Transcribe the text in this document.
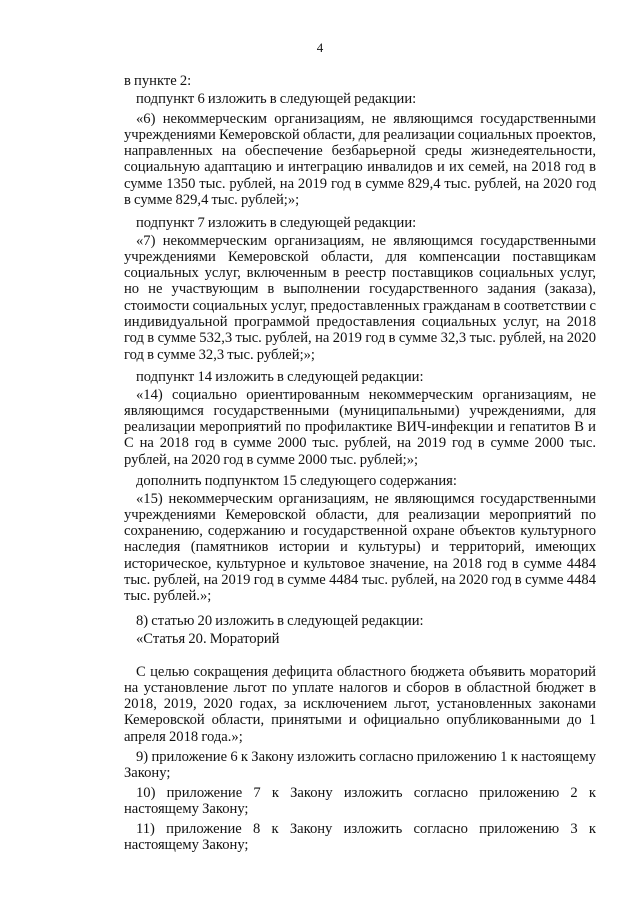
4

в пункте 2:

подпункт 6 изложить в следующей редакции:

«6) некоммерческим организациям, не являющимся государственными учреждениями Кемеровской области, для реализации социальных проектов, направленных на обеспечение безбарьерной среды жизнедеятельности, социальную адаптацию и интеграцию инвалидов и их семей, на 2018 год в сумме 1350 тыс. рублей, на 2019 год в сумме 829,4 тыс. рублей, на 2020 год в сумме 829,4 тыс. рублей;»;

подпункт 7 изложить в следующей редакции:

«7) некоммерческим организациям, не являющимся государственными учреждениями Кемеровской области, для компенсации поставщикам социальных услуг, включенным в реестр поставщиков социальных услуг, но не участвующим в выполнении государственного задания (заказа), стоимости социальных услуг, предоставленных гражданам в соответствии с индивидуальной программой предоставления социальных услуг, на 2018 год в сумме 532,3 тыс. рублей, на 2019 год в сумме 32,3 тыс. рублей, на 2020 год в сумме 32,3 тыс. рублей;»;

подпункт 14 изложить в следующей редакции:

«14) социально ориентированным некоммерческим организациям, не являющимся государственными (муниципальными) учреждениями, для реализации мероприятий по профилактике ВИЧ-инфекции и гепатитов В и С на 2018 год в сумме 2000 тыс. рублей, на 2019 год в сумме 2000 тыс. рублей, на 2020 год в сумме 2000 тыс. рублей;»;

дополнить подпунктом 15 следующего содержания:

«15) некоммерческим организациям, не являющимся государственными учреждениями Кемеровской области, для реализации мероприятий по сохранению, содержанию и государственной охране объектов культурного наследия (памятников истории и культуры) и территорий, имеющих историческое, культурное и культовое значение, на 2018 год в сумме 4484 тыс. рублей, на 2019 год в сумме 4484 тыс. рублей, на 2020 год в сумме 4484 тыс. рублей.»;

8) статью 20 изложить в следующей редакции:

«Статья 20. Мораторий

С целью сокращения дефицита областного бюджета объявить мораторий на установление льгот по уплате налогов и сборов в областной бюджет в 2018, 2019, 2020 годах, за исключением льгот, установленных законами Кемеровской области, принятыми и официально опубликованными до 1 апреля 2018 года.»;

9) приложение 6 к Закону изложить согласно приложению 1 к настоящему Закону;

10) приложение 7 к Закону изложить согласно приложению 2 к настоящему Закону;

11) приложение 8 к Закону изложить согласно приложению 3 к настоящему Закону;
